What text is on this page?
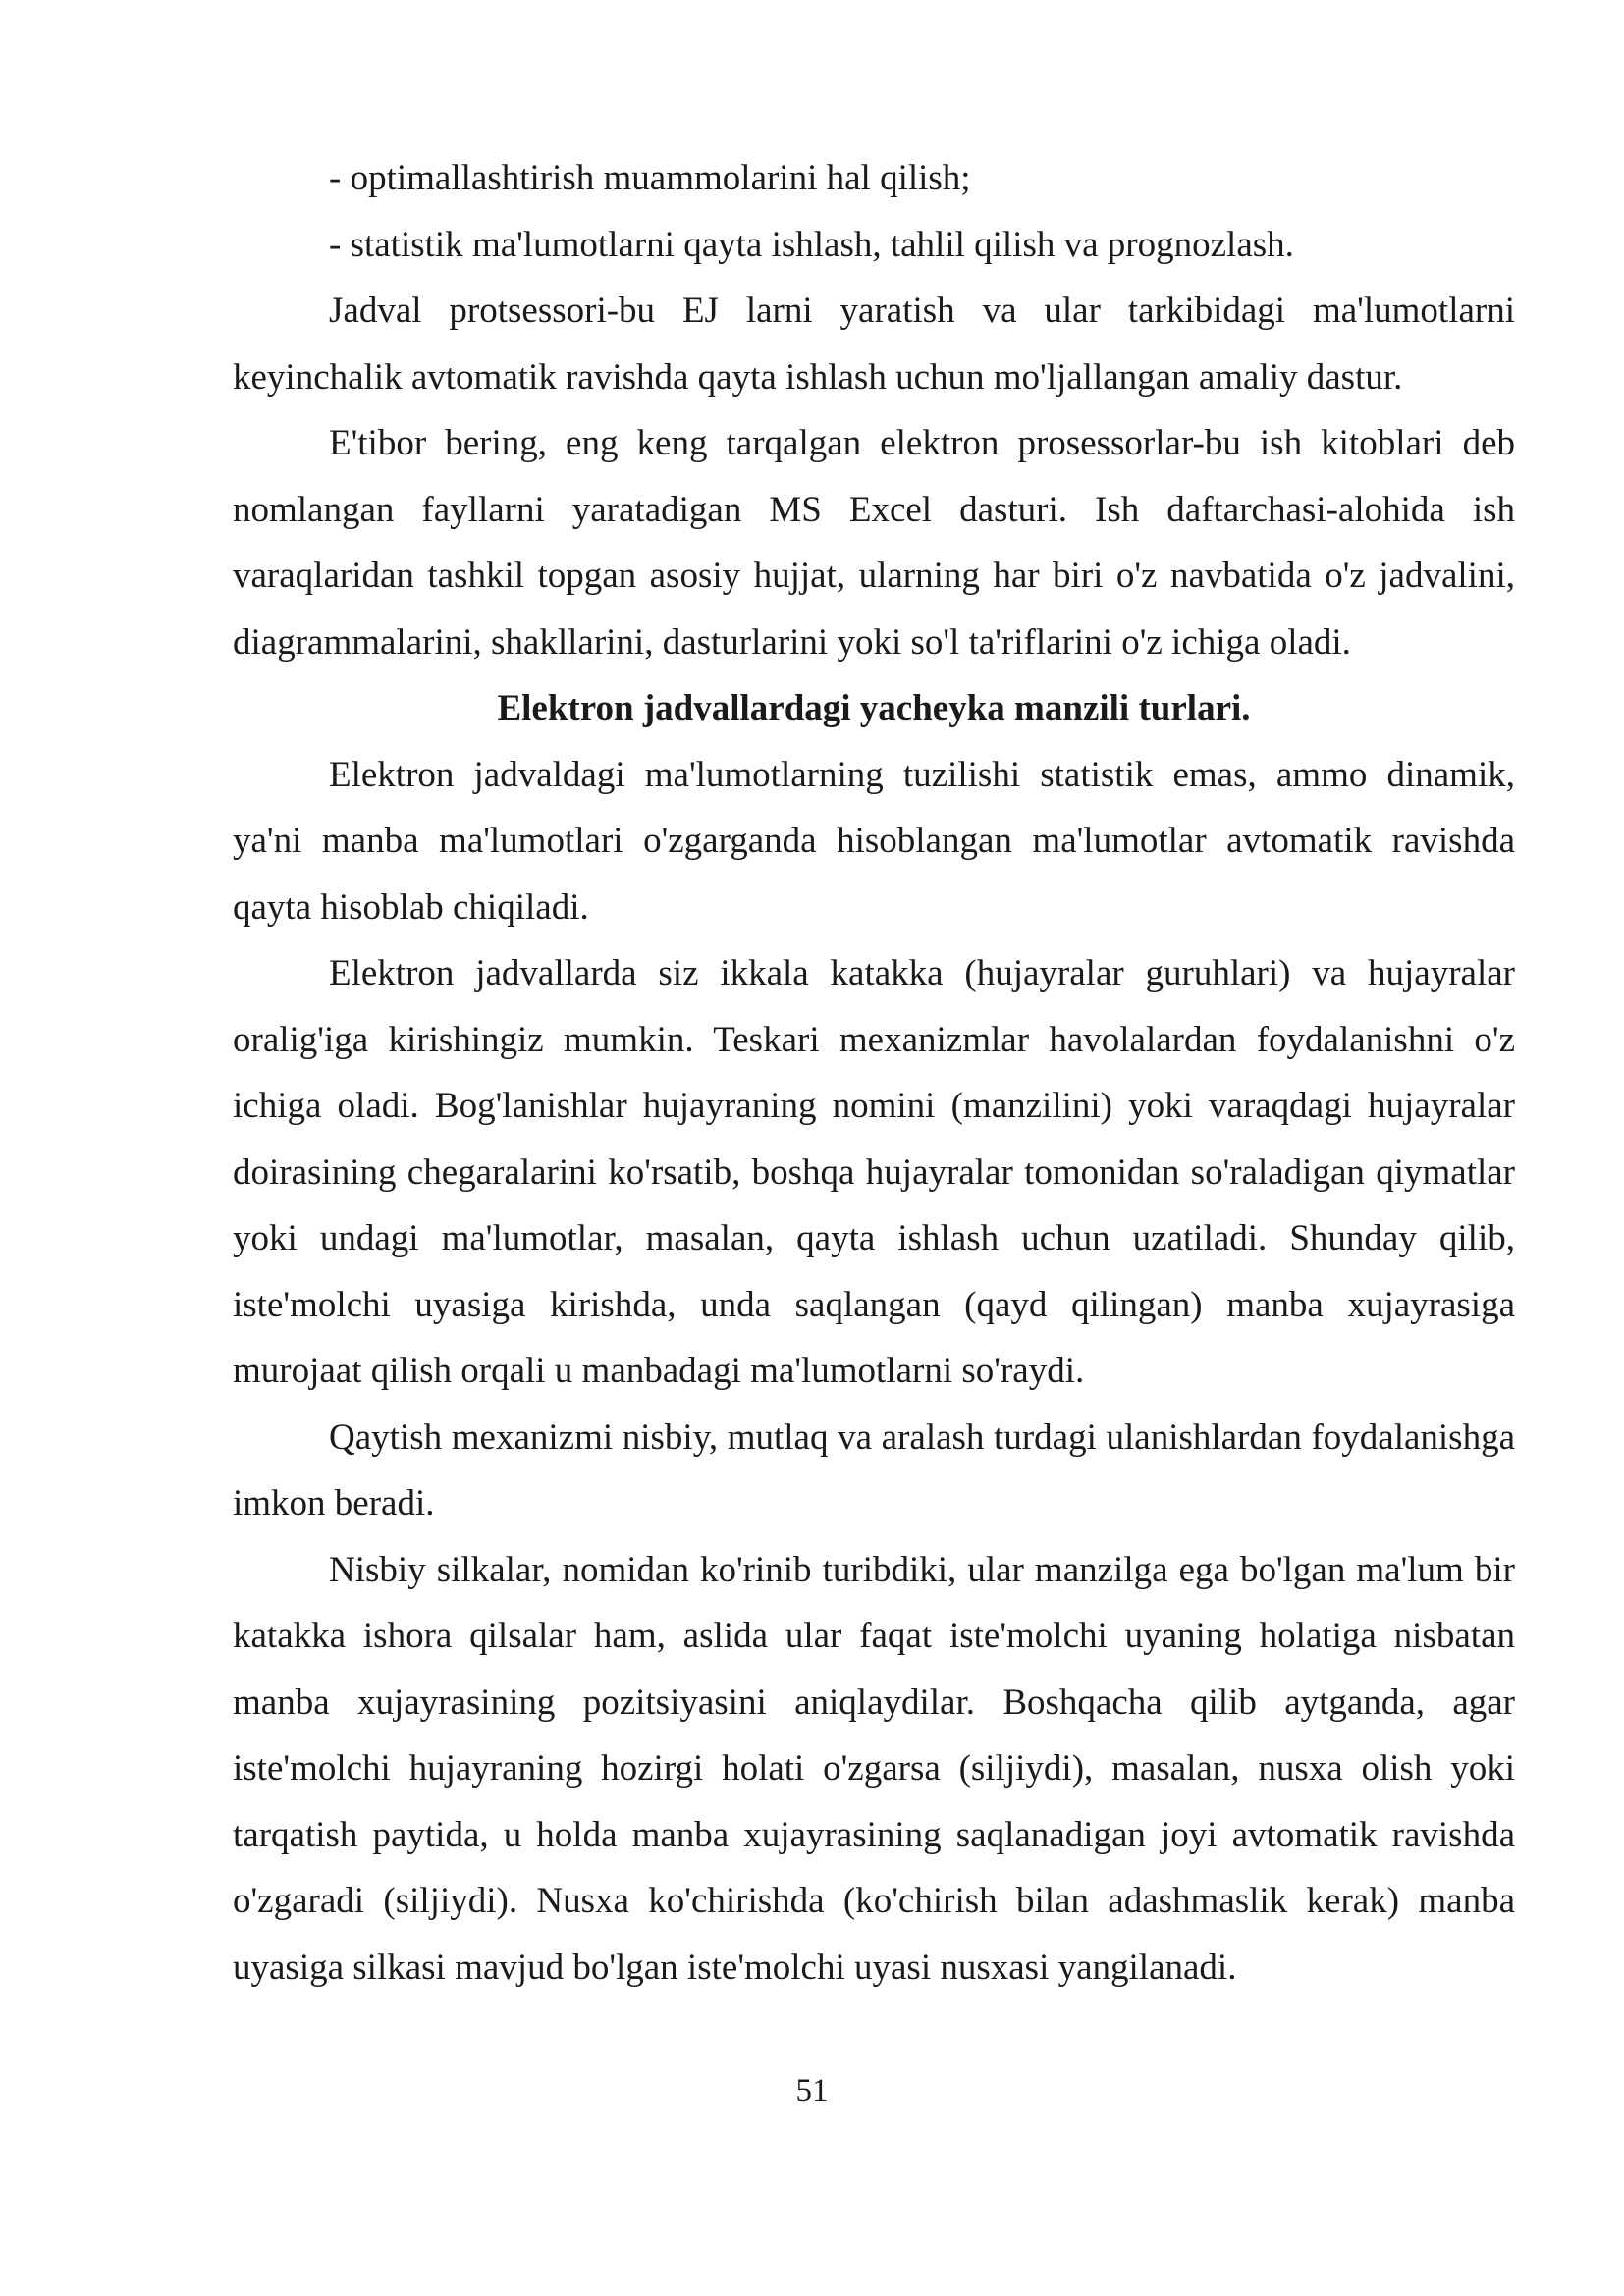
- optimallashtirish muammolarini hal qilish;

- statistik ma'lumotlarni qayta ishlash, tahlil qilish va prognozlash.

Jadval protsessori-bu EJ larni yaratish va ular tarkibidagi ma'lumotlarni keyinchalik avtomatik ravishda qayta ishlash uchun mo'ljallangan amaliy dastur.

E'tibor bering, eng keng tarqalgan elektron prosessorlar-bu ish kitoblari deb nomlangan fayllarni yaratadigan MS Excel dasturi. Ish daftarchasi-alohida ish varaqlaridan tashkil topgan asosiy hujjat, ularning har biri o'z navbatida o'z jadvalini, diagrammalarini, shakllarini, dasturlarini yoki so'l ta'riflarini o'z ichiga oladi.

Elektron jadvallardagi yacheyka manzili turlari.

Elektron jadvaldagi ma'lumotlarning tuzilishi statistik emas, ammo dinamik, ya'ni manba ma'lumotlari o'zgarganda hisoblangan ma'lumotlar avtomatik ravishda qayta hisoblab chiqiladi.

Elektron jadvallarda siz ikkala katakka (hujayralar guruhlari) va hujayralar oralig'iga kirishingiz mumkin. Teskari mexanizmlar havolalardan foydalanishni o'z ichiga oladi. Bog'lanishlar hujayraning nomini (manzilini) yoki varaqdagi hujayralar doirasining chegaralarini ko'rsatib, boshqa hujayralar tomonidan so'raladigan qiymatlar yoki undagi ma'lumotlar, masalan, qayta ishlash uchun uzatiladi. Shunday qilib, iste'molchi uyasiga kirishda, unda saqlangan (qayd qilingan) manba xujayrasiga murojaat qilish orqali u manbadagi ma'lumotlarni so'raydi.

Qaytish mexanizmi nisbiy, mutlaq va aralash turdagi ulanishlardan foydalanishga imkon beradi.

Nisbiy silkalar, nomidan ko'rinib turibdiki, ular manzilga ega bo'lgan ma'lum bir katakka ishora qilsalar ham, aslida ular faqat iste'molchi uyaning holatiga nisbatan manba xujayrasining pozitsiyasini aniqlaydilar. Boshqacha qilib aytganda, agar iste'molchi hujayraning hozirgi holati o'zgarsa (siljiydi), masalan, nusxa olish yoki tarqatish paytida, u holda manba xujayrasining saqlanadigan joyi avtomatik ravishda o'zgaradi (siljiydi). Nusxa ko'chirishda (ko'chirish bilan adashmaslik kerak) manba uyasiga silkasi mavjud bo'lgan iste'molchi uyasi nusxasi yangilanadi.

51
